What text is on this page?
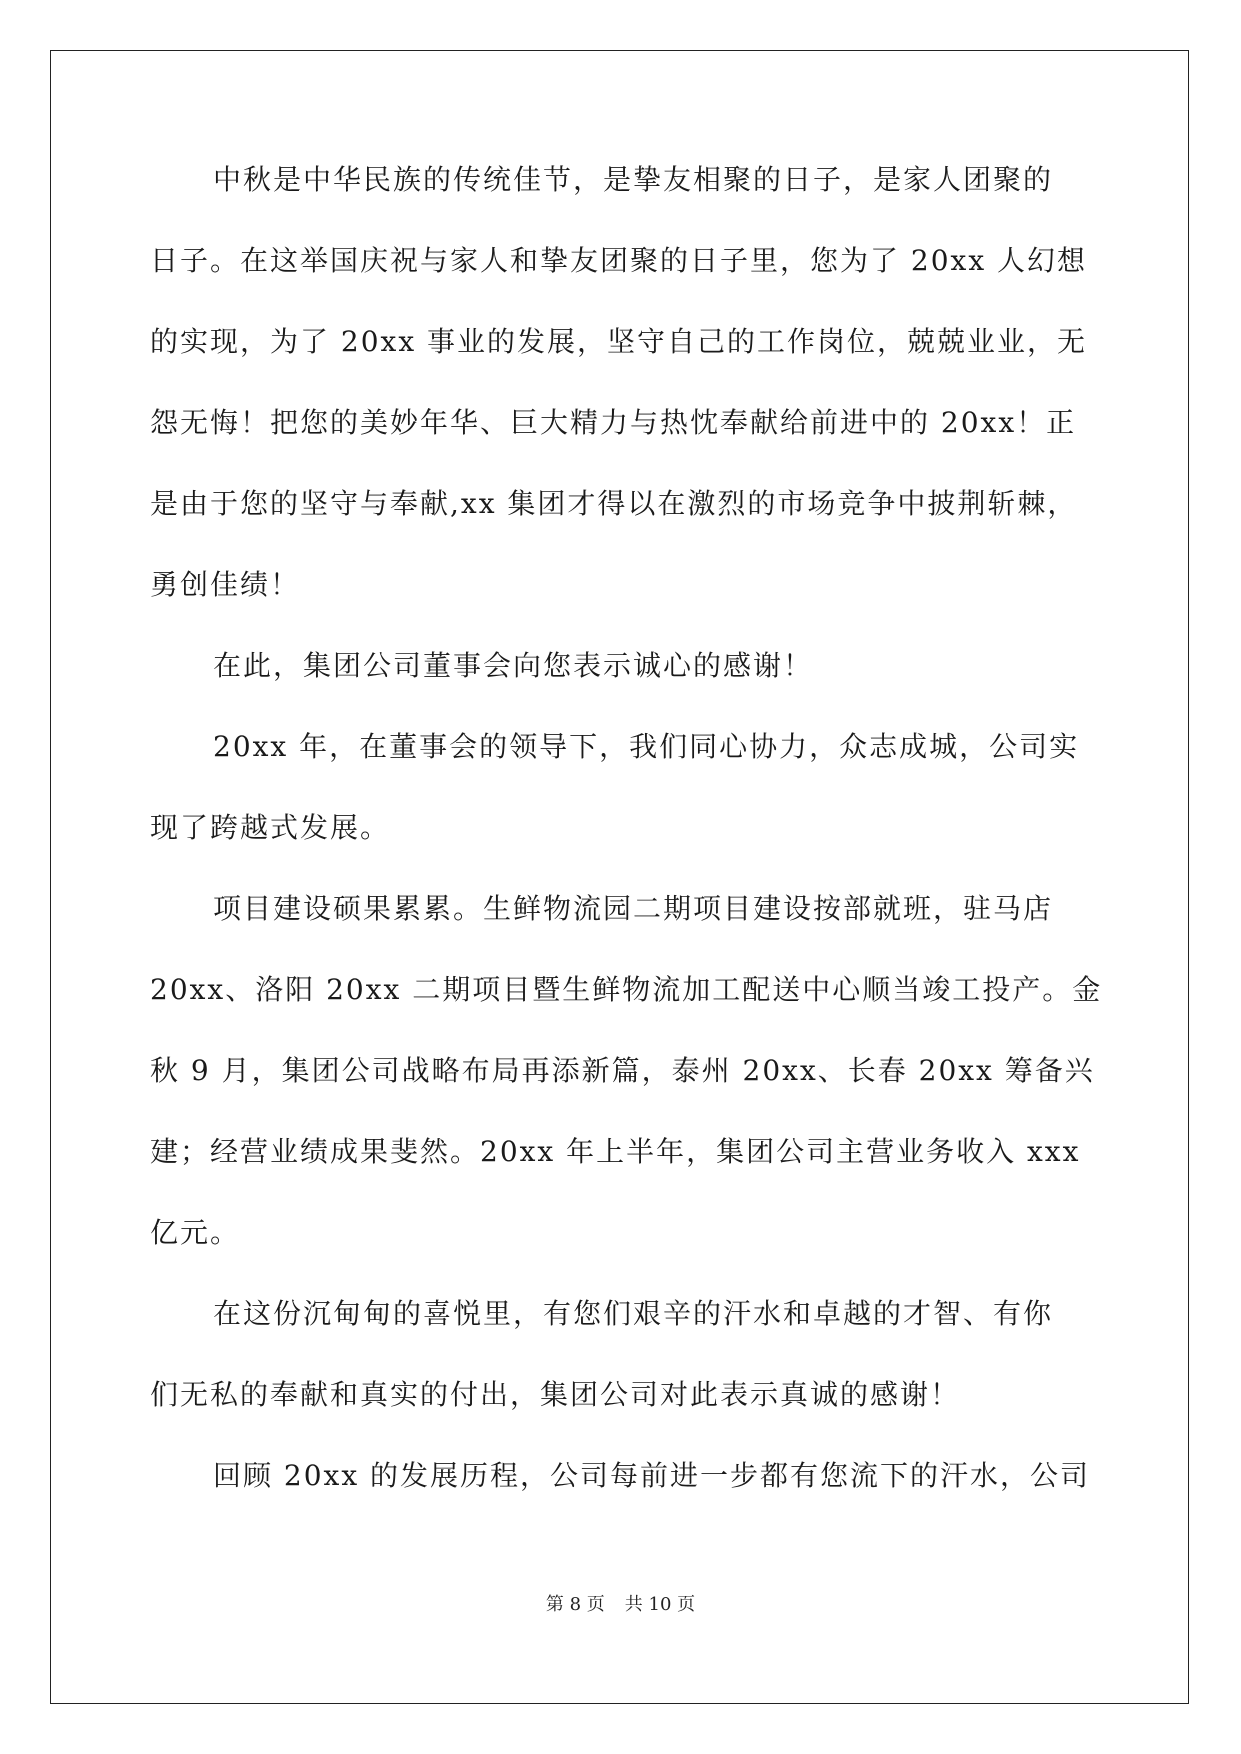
中秋是中华民族的传统佳节，是挚友相聚的日子，是家人团聚的
日子。在这举国庆祝与家人和挚友团聚的日子里，您为了 20xx 人幻想
的实现，为了 20xx 事业的发展，坚守自己的工作岗位，兢兢业业，无
怨无悔！把您的美妙年华、巨大精力与热忱奉献给前进中的 20xx！正
是由于您的坚守与奉献,xx 集团才得以在激烈的市场竞争中披荆斩棘，
勇创佳绩！
在此，集团公司董事会向您表示诚心的感谢！
20xx 年，在董事会的领导下，我们同心协力，众志成城，公司实
现了跨越式发展。
项目建设硕果累累。生鲜物流园二期项目建设按部就班，驻马店
20xx、洛阳 20xx 二期项目暨生鲜物流加工配送中心顺当竣工投产。金
秋 9 月，集团公司战略布局再添新篇，泰州 20xx、长春 20xx 筹备兴
建；经营业绩成果斐然。20xx 年上半年，集团公司主营业务收入 xxx
亿元。
在这份沉甸甸的喜悦里，有您们艰辛的汗水和卓越的才智、有你
们无私的奉献和真实的付出，集团公司对此表示真诚的感谢！
回顾 20xx 的发展历程，公司每前进一步都有您流下的汗水，公司
第 8 页 共 10 页
